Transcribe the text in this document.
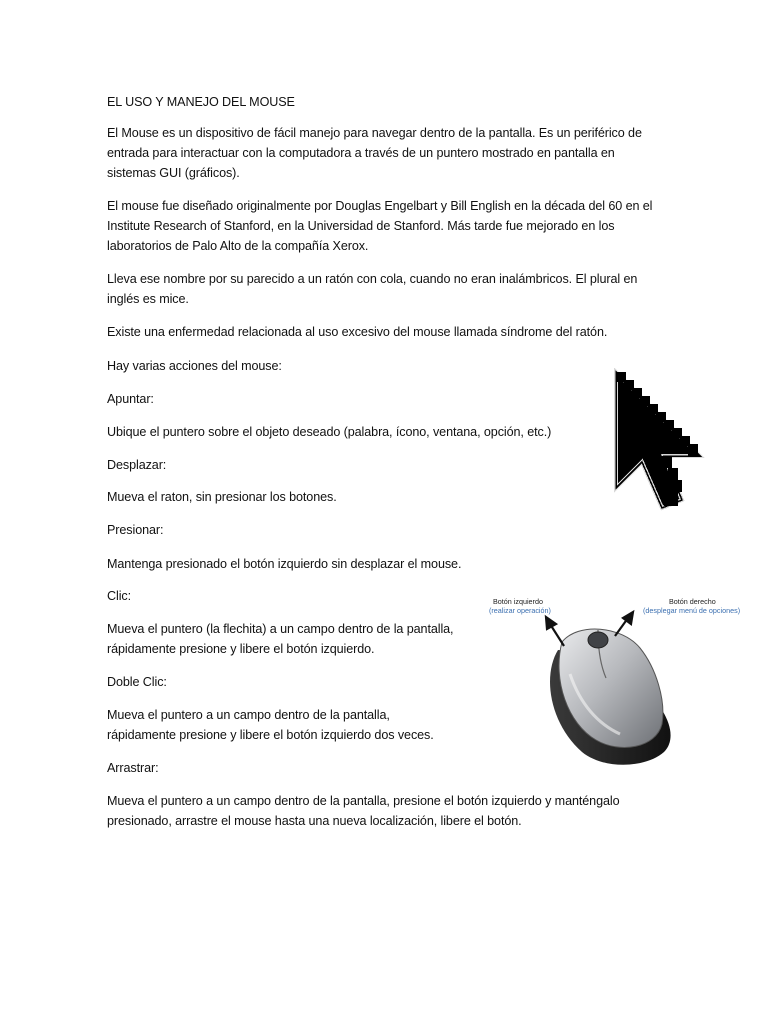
EL USO Y MANEJO DEL MOUSE
El Mouse es un dispositivo de fácil manejo para navegar dentro de la pantalla. Es un periférico de
entrada para interactuar con la computadora a través de un puntero mostrado en pantalla en
sistemas GUI (gráficos).
El mouse fue diseñado originalmente por Douglas Engelbart y Bill English en la década del 60 en el
Institute Research of Stanford, en la Universidad de Stanford. Más tarde fue mejorado en los
laboratorios de Palo Alto de la compañía Xerox.
Lleva ese nombre por su parecido a un ratón con cola, cuando no eran inalámbricos. El plural en
inglés es mice.
Existe una enfermedad relacionada al uso excesivo del mouse llamada síndrome del ratón.
Hay varias acciones del mouse:
Apuntar:
Ubique el puntero sobre el objeto deseado (palabra, ícono, ventana, opción, etc.)
Desplazar:
Mueva el raton, sin presionar los botones.
Presionar:
Mantenga presionado el botón izquierdo sin desplazar el mouse.
Clic:
Mueva el puntero (la flechita) a un campo dentro de la pantalla,
rápidamente presione y libere el botón izquierdo.
Doble Clic:
Mueva el puntero a un campo dentro de la pantalla,
rápidamente presione y libere el botón izquierdo dos veces.
Arrastrar:
Mueva el puntero a un campo dentro de la pantalla, presione el botón izquierdo y manténgalo
presionado, arrastre el mouse hasta una nueva localización, libere el botón.
Botón izquierdo
(realizar operación)
Botón derecho
(desplegar menú de opciones)
